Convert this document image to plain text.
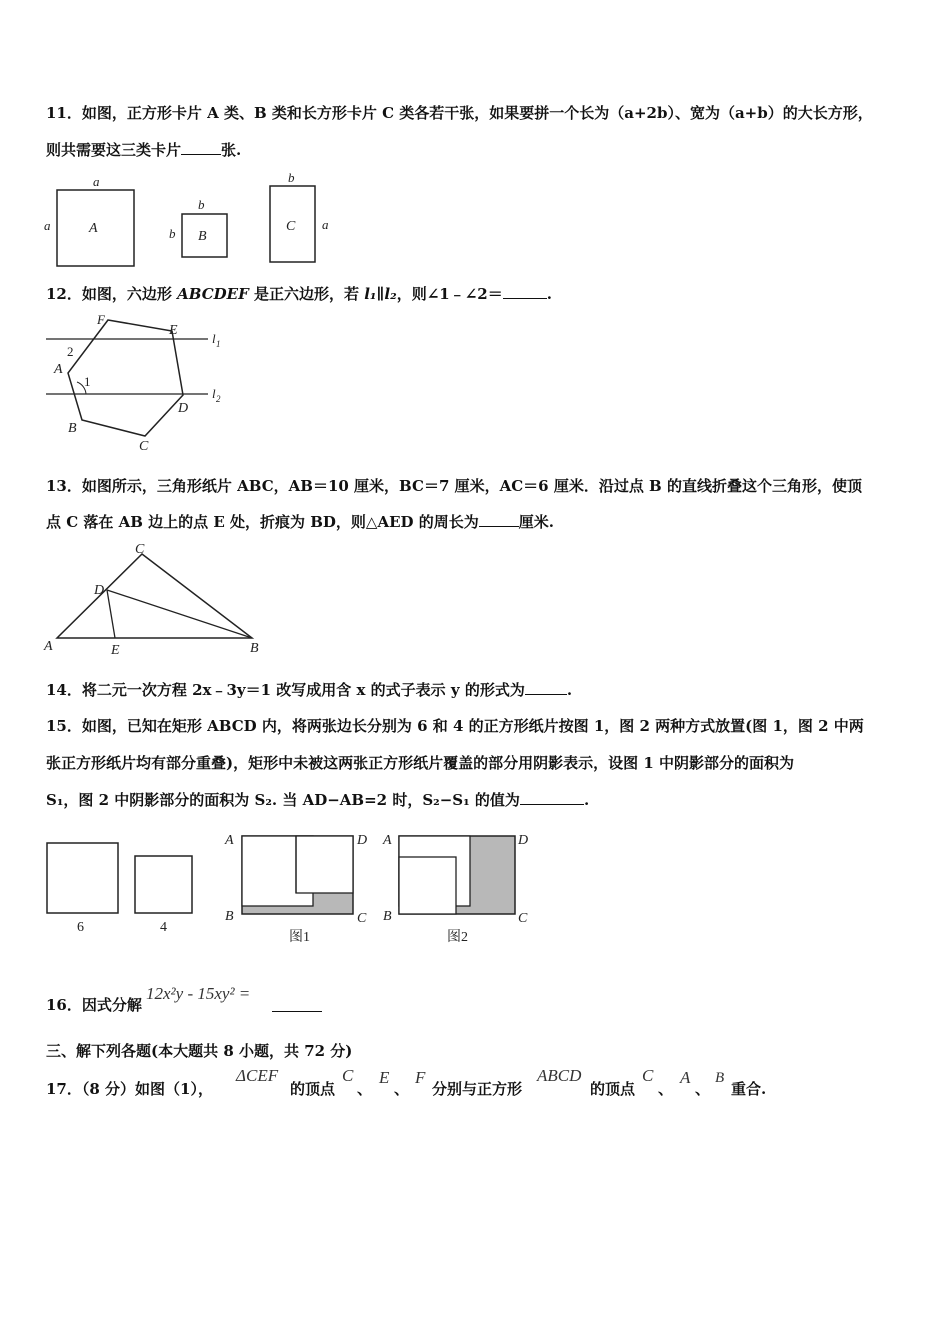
11．如图，正方形卡片 A 类、B 类和长方形卡片 C 类各若干张，如果要拼一个长为（a+2b）、宽为（a+b）的大长方形，
则共需要这三类卡片	张.
a
a	A
b
b B
b
C a
12．如图，六边形 ABCDEF 是正六边形，若 l₁∥l₂，则∠1﹣∠2＝	.
F
E
l 1
2
A
1
l 2
D
B
C
13．如图所示，三角形纸片 ABC，AB＝10 厘米，BC＝7 厘米，AC＝6 厘米．沿过点 B 的直线折叠这个三角形，使顶
点 C 落在 AB 边上的点 E 处，折痕为 BD，则△AED 的周长为	厘米.
C
D
A	E	B
14．将二元一次方程 2x﹣3y＝1 改写成用含 x 的式子表示 y 的形式为	.
15．如图，已知在矩形 ABCD 内，将两张边长分别为 6 和 4 的正方形纸片按图 1，图 2 两种方式放置(图 1，图 2 中两
张正方形纸片均有部分重叠)，矩形中未被这两张正方形纸片覆盖的部分用阴影表示，设图 1 中阴影部分的面积为
S₁，图 2 中阴影部分的面积为 S₂. 当 AD−AB=2 时，S₂−S₁ 的值为	.
6	4
A	D
B	C
图1
A	D
B	C
图2
16．因式分解
12x²y - 15xy² =
三、解下列各题(本大题共 8 小题，共 72 分)
17．（8 分）如图（1），
ΔCEF
的顶点
C
、
E
、
F
分别与正方形
ABCD
的顶点
C
、
A
、
B
重合.
